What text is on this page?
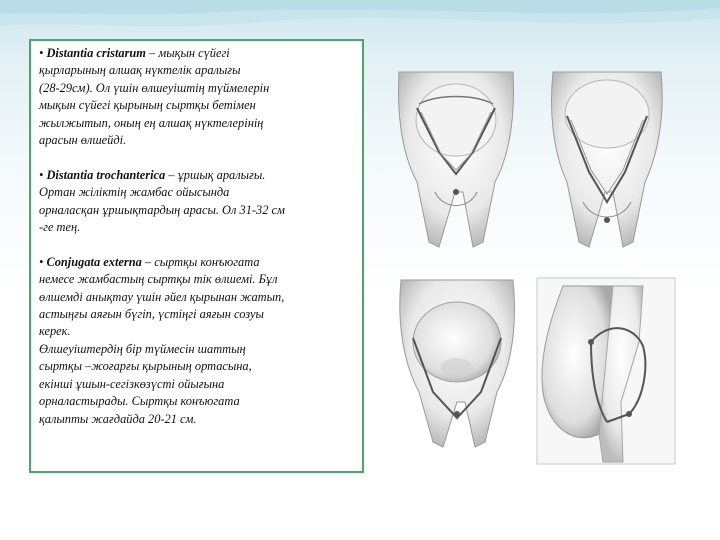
• Distantia cristarum – мықын сүйегі
қырларының алшақ нүктелік аралығы
(28-29см). Ол үшін өлшеуіштің түймелерін
мықын сүйегі қырының сыртқы бетімен
жылжытып, оның ең алшақ нүктелерінің
арасын өлшейді.

• Distantia trochanterica – ұршық аралығы.
Ортан жіліктің жамбас ойысында
орналасқан ұршықтардың арасы. Ол 31-32 см
-ге тең.

• Conjugata externa – сыртқы конъюгата
немесе жамбастың сыртқы тік өлшемі. Бұл
өлшемді анықтау үшін әйел қырынан жатып,
астыңғы аяғын бүгіп, үстіңгі аяғын созуы
керек.
Өлшеуіштердің бір түймесін шаттың
сыртқы –жоғарғы қырының ортасына,
екінші ұшын-сегізкөзүсті ойығына
орналастырады. Сыртқы конъюгата
қалыпты жағдайда 20-21 см.
